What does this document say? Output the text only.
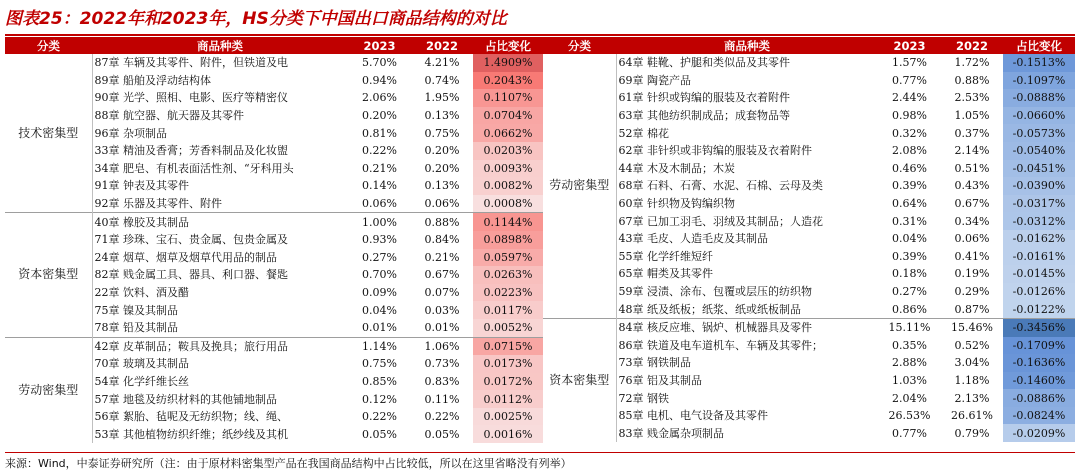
图表25：2022年和2023年，HS分类下中国出口商品结构的对比
分类	商品种类	2023	2022	占比变化
技术密集型	87章 车辆及其零件、附件，但铁道及电	5.70%	4.21%	1.4909%
	89章 船舶及浮动结构体	0.94%	0.74%	0.2043%
	90章 光学、照相、电影、医疗等精密仪	2.06%	1.95%	0.1107%
	88章 航空器、航天器及其零件	0.20%	0.13%	0.0704%
	96章 杂项制品	0.81%	0.75%	0.0662%
	33章 精油及香膏；芳香料制品及化妆盥	0.22%	0.20%	0.0203%
	34章 肥皂、有机表面活性剂、“牙科用头	0.21%	0.20%	0.0093%
	91章 钟表及其零件	0.14%	0.13%	0.0082%
	92章 乐器及其零件、附件	0.06%	0.06%	0.0008%
资本密集型	40章 橡胶及其制品	1.00%	0.88%	0.1144%
	71章 珍珠、宝石、贵金属、包贵金属及	0.93%	0.84%	0.0898%
	24章 烟草、烟草及烟草代用品的制品	0.27%	0.21%	0.0597%
	82章 贱金属工具、器具、利口器、餐匙	0.70%	0.67%	0.0263%
	22章 饮料、酒及醋	0.09%	0.07%	0.0223%
	75章 镍及其制品	0.04%	0.03%	0.0117%
	78章 铅及其制品	0.01%	0.01%	0.0052%
劳动密集型	42章 皮革制品；鞍具及挽具；旅行用品	1.14%	1.06%	0.0715%
	70章 玻璃及其制品	0.75%	0.73%	0.0173%
	54章 化学纤维长丝	0.85%	0.83%	0.0172%
	57章 地毯及纺织材料的其他铺地制品	0.12%	0.11%	0.0112%
	56章 絮胎、毡呢及无纺织物；线、绳、	0.22%	0.22%	0.0025%
	53章 其他植物纺织纤维；纸纱线及其机	0.05%	0.05%	0.0016%
分类	商品种类	2023	2022	占比变化
劳动密集型	64章 鞋靴、护腿和类似品及其零件	1.57%	1.72%	-0.1513%
	69章 陶瓷产品	0.77%	0.88%	-0.1097%
	61章 针织或钩编的服装及衣着附件	2.44%	2.53%	-0.0888%
	63章 其他纺织制成品；成套物品等	0.98%	1.05%	-0.0660%
	52章 棉花	0.32%	0.37%	-0.0573%
	62章 非针织或非钩编的服装及衣着附件	2.08%	2.14%	-0.0540%
	44章 木及木制品；木炭	0.46%	0.51%	-0.0451%
	68章 石料、石膏、水泥、石棉、云母及类	0.39%	0.43%	-0.0390%
	60章 针织物及钩编织物	0.64%	0.67%	-0.0317%
	67章 已加工羽毛、羽绒及其制品；人造花	0.31%	0.34%	-0.0312%
	43章 毛皮、人造毛皮及其制品	0.04%	0.06%	-0.0162%
	55章 化学纤维短纤	0.39%	0.41%	-0.0161%
	65章 帽类及其零件	0.18%	0.19%	-0.0145%
	59章 浸渍、涂布、包覆或层压的纺织物	0.27%	0.29%	-0.0126%
	48章 纸及纸板；纸浆、纸或纸板制品	0.86%	0.87%	-0.0122%
资本密集型	84章 核反应堆、锅炉、机械器具及零件	15.11%	15.46%	-0.3456%
	86章 铁道及电车道机车、车辆及其零件；	0.35%	0.52%	-0.1709%
	73章 钢铁制品	2.88%	3.04%	-0.1636%
	76章 铝及其制品	1.03%	1.18%	-0.1460%
	72章 钢铁	2.04%	2.13%	-0.0886%
	85章 电机、电气设备及其零件	26.53%	26.61%	-0.0824%
	83章 贱金属杂项制品	0.77%	0.79%	-0.0209%
来源：Wind，中泰证券研究所（注：由于原材料密集型产品在我国商品结构中占比较低，所以在这里省略没有列举）
